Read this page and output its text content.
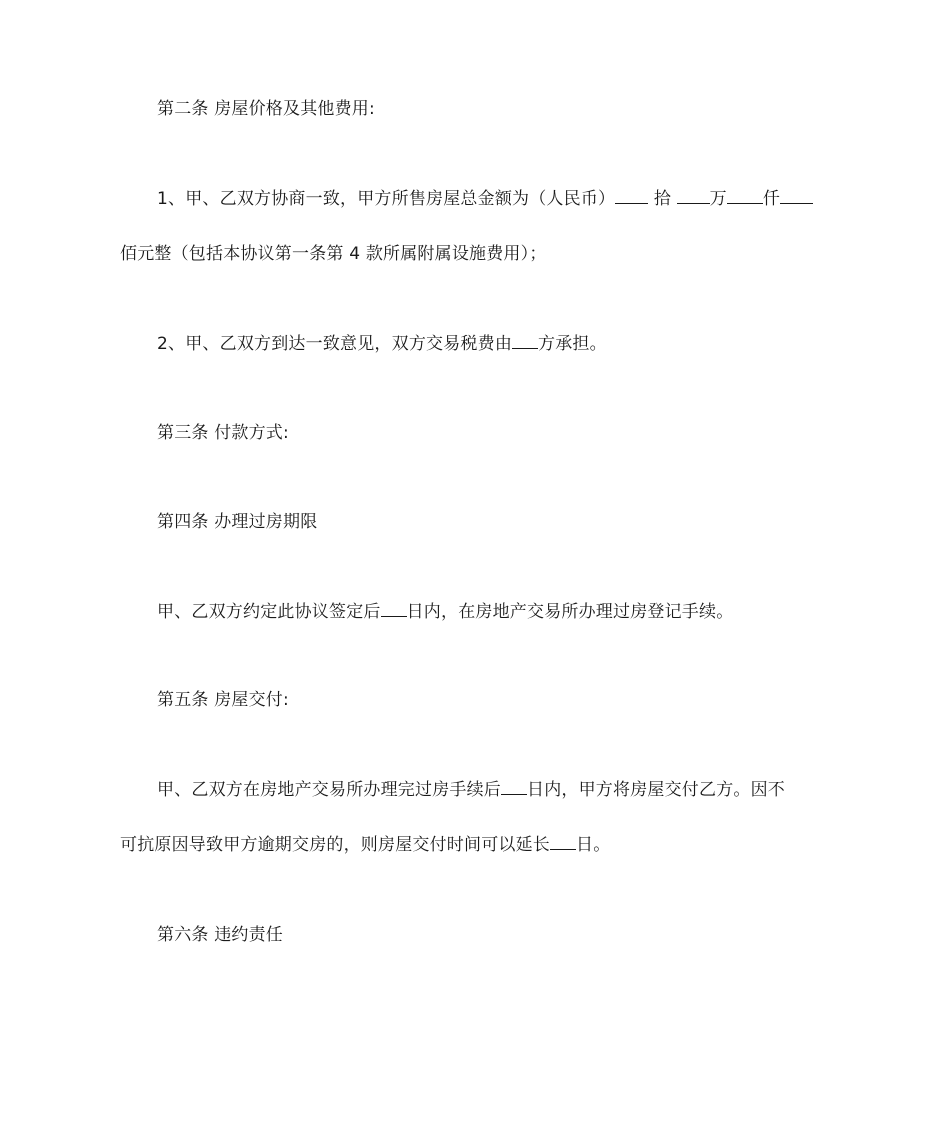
第二条 房屋价格及其他费用:
1、甲、乙双方协商一致，甲方所售房屋总金额为（人民币） 拾 万 仟
佰元整（包括本协议第一条第 4 款所属附属设施费用）；
2、甲、乙双方到达一致意见，双方交易税费由 方承担。
第三条 付款方式:
第四条 办理过房期限
甲、乙双方约定此协议签定后 日内，在房地产交易所办理过房登记手续。
第五条 房屋交付:
甲、乙双方在房地产交易所办理完过房手续后 日内，甲方将房屋交付乙方。因不
可抗原因导致甲方逾期交房的，则房屋交付时间可以延长 日。
第六条 违约责任
